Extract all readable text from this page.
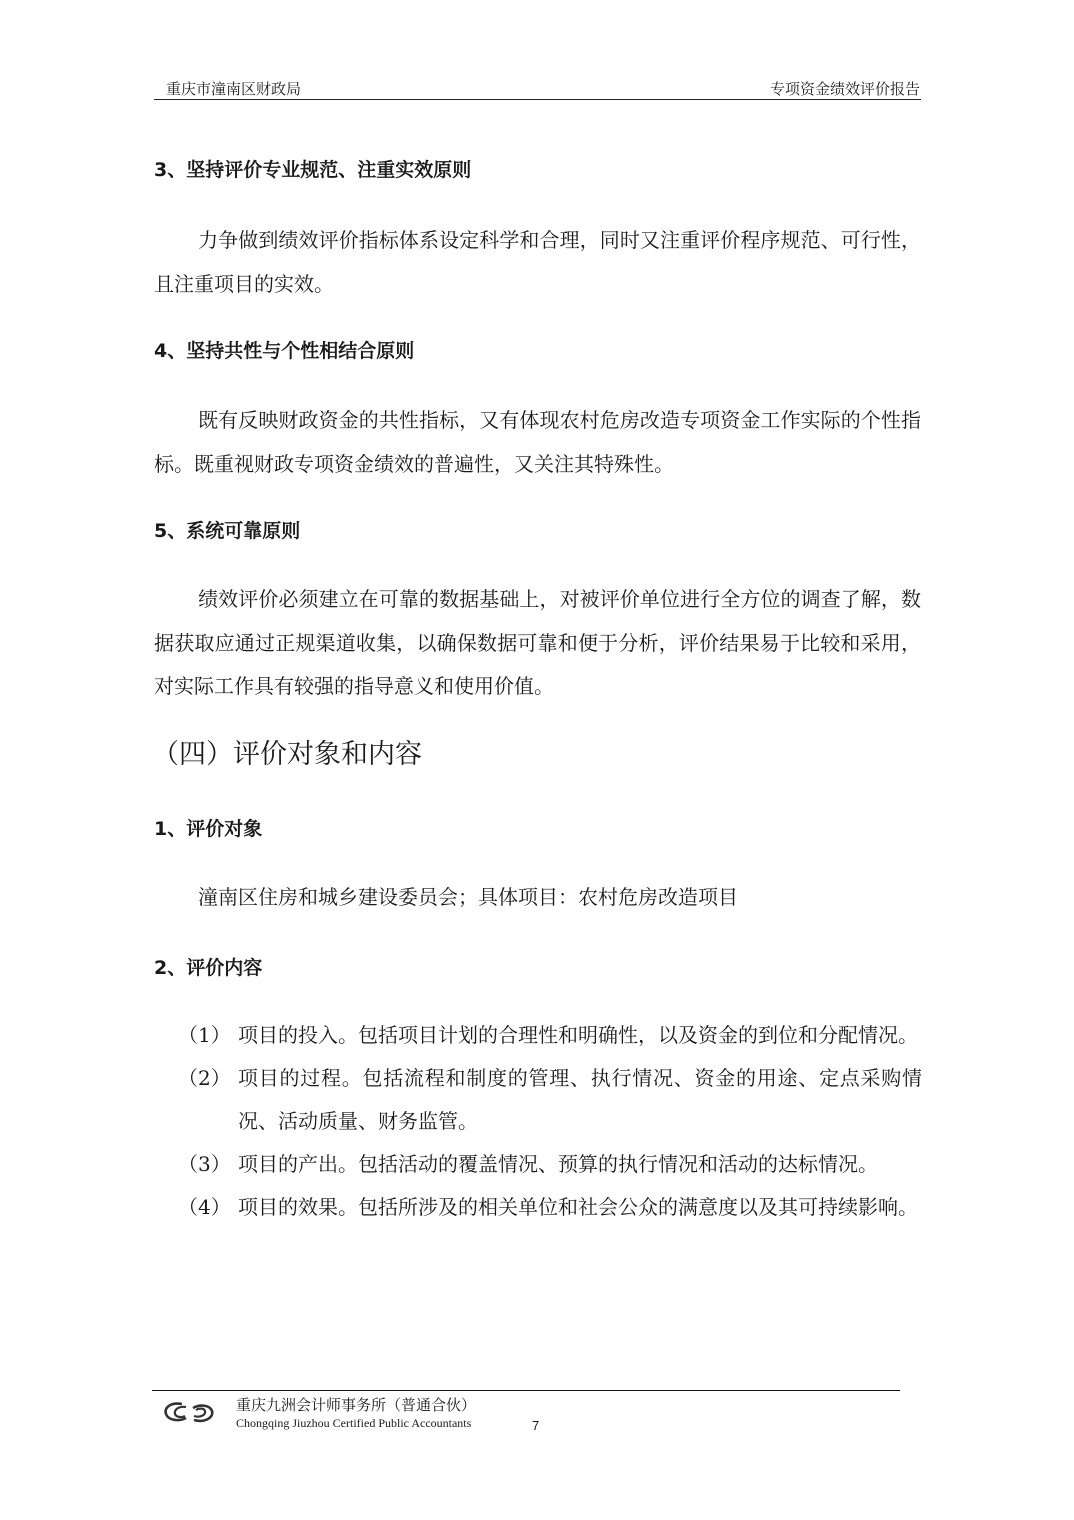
重庆市潼南区财政局	专项资金绩效评价报告
3、坚持评价专业规范、注重实效原则
力争做到绩效评价指标体系设定科学和合理，同时又注重评价程序规范、可行性，且注重项目的实效。
4、坚持共性与个性相结合原则
既有反映财政资金的共性指标，又有体现农村危房改造专项资金工作实际的个性指标。既重视财政专项资金绩效的普遍性，又关注其特殊性。
5、系统可靠原则
绩效评价必须建立在可靠的数据基础上，对被评价单位进行全方位的调查了解，数据获取应通过正规渠道收集，以确保数据可靠和便于分析，评价结果易于比较和采用，对实际工作具有较强的指导意义和使用价值。
（四）评价对象和内容
1、评价对象
潼南区住房和城乡建设委员会；具体项目：农村危房改造项目
2、评价内容
（1） 项目的投入。包括项目计划的合理性和明确性，以及资金的到位和分配情况。
（2） 项目的过程。包括流程和制度的管理、执行情况、资金的用途、定点采购情况、活动质量、财务监管。
（3） 项目的产出。包括活动的覆盖情况、预算的执行情况和活动的达标情况。
（4） 项目的效果。包括所涉及的相关单位和社会公众的满意度以及其可持续影响。
重庆九洲会计师事务所（普通合伙）
Chongqing Jiuzhou Certified Public Accountants	7
